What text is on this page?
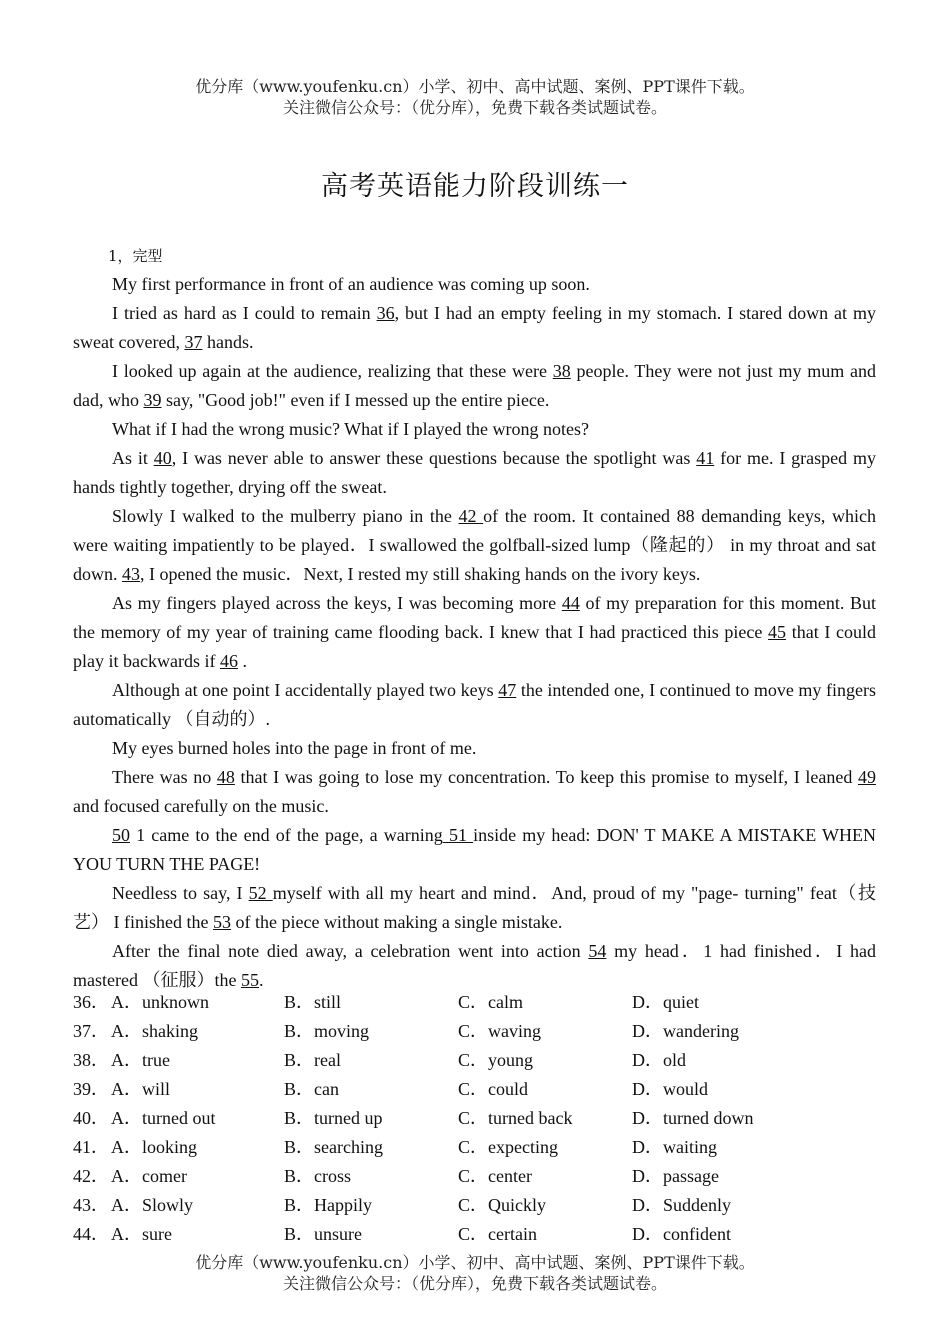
优分库（www.youfenku.cn）小学、初中、高中试题、案例、PPT课件下载。
关注微信公众号：（优分库），免费下载各类试题试卷。
高考英语能力阶段训练一
1，完型

My first performance in front of an audience was coming up soon.

I tried as hard as I could to remain 36, but I had an empty feeling in my stomach. I stared down at my sweat covered, 37 hands.

I looked up again at the audience, realizing that these were 38 people. They were not just my mum and dad, who 39 say, "Good job!" even if I messed up the entire piece.

What if I had the wrong music? What if I played the wrong notes?

As it 40, I was never able to answer these questions because the spotlight was 41 for me. I grasped my hands tightly together, drying off the sweat.

Slowly I walked to the mulberry piano in the 42 of the room. It contained 88 demanding keys, which were waiting impatiently to be played．I swallowed the golfball-sized lump（隆起的） in my throat and sat down. 43, I opened the music．Next, I rested my still shaking hands on the ivory keys.

As my fingers played across the keys, I was becoming more 44 of my preparation for this moment. But the memory of my year of training came flooding back. I knew that I had practiced this piece 45 that I could play it backwards if 46 .

Although at one point I accidentally played two keys 47 the intended one, I continued to move my fingers automatically （自动的）.

My eyes burned holes into the page in front of me.

There was no 48 that I was going to lose my concentration. To keep this promise to myself, I leaned 49 and focused carefully on the music.

50 1 came to the end of the page, a warning 51 inside my head: DON' T MAKE A MISTAKE WHEN YOU TURN THE PAGE!

Needless to say, I 52 myself with all my heart and mind．And, proud of my "page- turning" feat（技艺） I finished the 53 of the piece without making a single mistake.

After the final note died away, a celebration went into action 54 my head．1 had finished．I had mastered （征服）the 55.

36． A．unknown	B．still	C．calm	D．quiet
37． A．shaking	B．moving	C．waving	D．wandering
38． A．true	B．real	C．young	D．old
39． A．will	B．can	C．could	D．would
40． A．turned out	B．turned up	C．turned back	D．turned down
41． A．looking	B．searching	C．expecting	D．waiting
42． A．comer	B．cross	C．center	D．passage
43． A．Slowly	B．Happily	C．Quickly	D．Suddenly
44． A．sure	B．unsure	C．certain	D．confident
优分库（www.youfenku.cn）小学、初中、高中试题、案例、PPT课件下载。
关注微信公众号：（优分库），免费下载各类试题试卷。
